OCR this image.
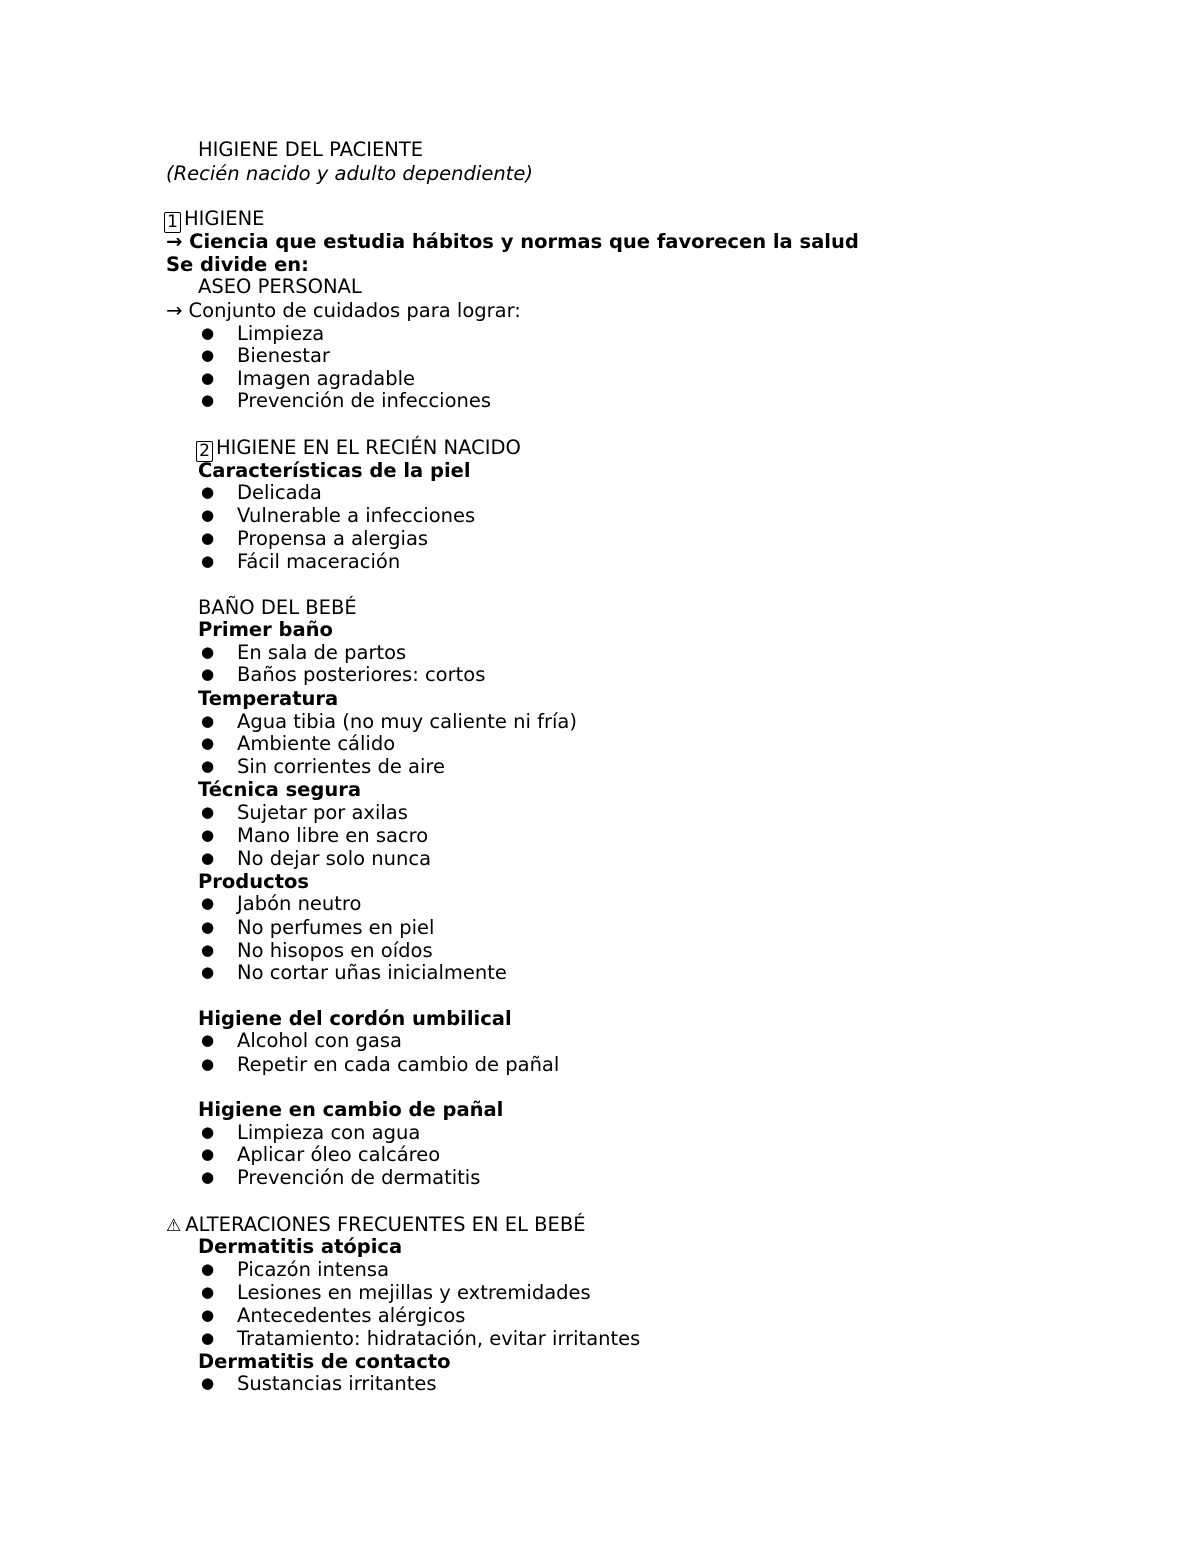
HIGIENE DEL PACIENTE
(Recién nacido y adulto dependiente)
1 HIGIENE
→ Ciencia que estudia hábitos y normas que favorecen la salud
Se divide en:
ASEO PERSONAL
→ Conjunto de cuidados para lograr:
● Limpieza
● Bienestar
● Imagen agradable
● Prevención de infecciones
2 HIGIENE EN EL RECIÉN NACIDO
Características de la piel
● Delicada
● Vulnerable a infecciones
● Propensa a alergias
● Fácil maceración
BAÑO DEL BEBÉ
Primer baño
● En sala de partos
● Baños posteriores: cortos
Temperatura
● Agua tibia (no muy caliente ni fría)
● Ambiente cálido
● Sin corrientes de aire
Técnica segura
● Sujetar por axilas
● Mano libre en sacro
● No dejar solo nunca
Productos
● Jabón neutro
● No perfumes en piel
● No hisopos en oídos
● No cortar uñas inicialmente
Higiene del cordón umbilical
● Alcohol con gasa
● Repetir en cada cambio de pañal
Higiene en cambio de pañal
● Limpieza con agua
● Aplicar óleo calcáreo
● Prevención de dermatitis
⚠ ALTERACIONES FRECUENTES EN EL BEBÉ
Dermatitis atópica
● Picazón intensa
● Lesiones en mejillas y extremidades
● Antecedentes alérgicos
● Tratamiento: hidratación, evitar irritantes
Dermatitis de contacto
● Sustancias irritantes
